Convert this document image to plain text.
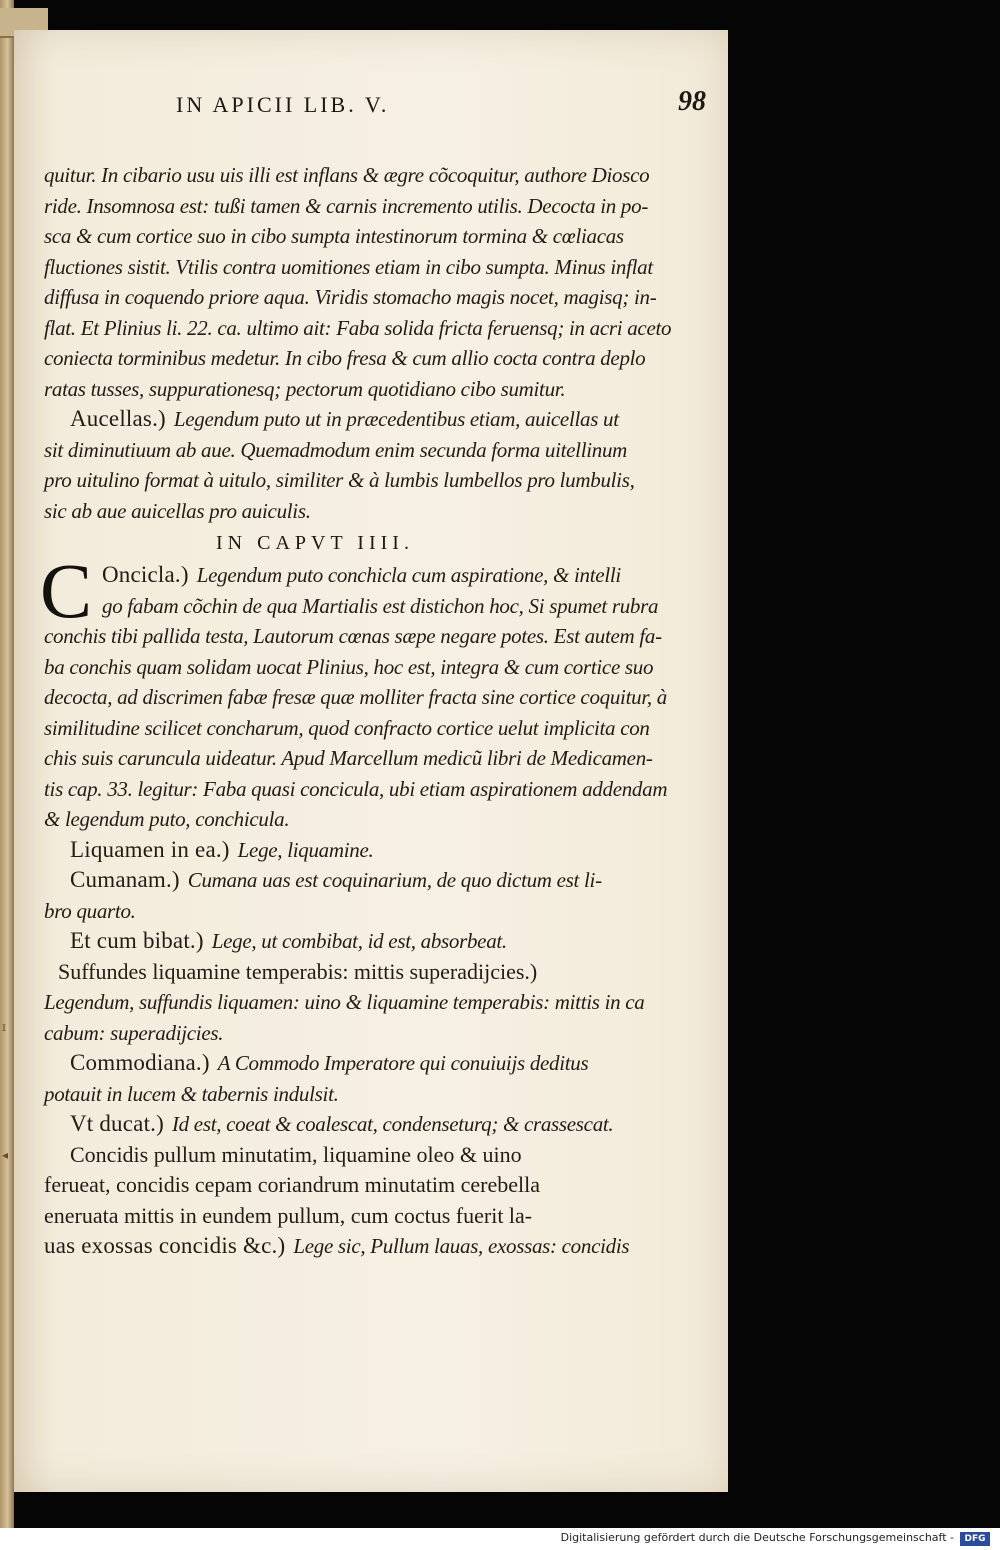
IN APICII LIB. V.	98
quitur. In cibario usu uis illi est inflans & ægre cõcoquitur, authore Diosco
ride. Insomnosa est: tußi tamen & carnis incremento utilis. Decocta in po-
sca & cum cortice suo in cibo sumpta intestinorum tormina & cœliacas
fluctiones sistit. Vtilis contra uomitiones etiam in cibo sumpta. Minus inflat
diffusa in coquendo priore aqua. Viridis stomacho magis nocet, magisq; in-
flat. Et Plinius li. 22. ca. ultimo ait: Faba solida fricta feruensq; in acri aceto
coniecta torminibus medetur. In cibo fresa & cum allio cocta contra deplo
ratas tusses, suppurationesq; pectorum quotidiano cibo sumitur.
Aucellas.) Legendum puto ut in præcedentibus etiam, auicellas ut
sit diminutiuum ab aue. Quemadmodum enim secunda forma uitellinum
pro uitulino format à uitulo, similiter & à lumbis lumbellos pro lumbulis,
sic ab aue auicellas pro auiculis.
IN CAPVT IIII.
C Oncicla.) Legendum puto conchicla cum aspiratione, & intelli
go fabam cõchin de qua Martialis est distichon hoc, Si spumet rubra
conchis tibi pallida testa, Lautorum cœnas sæpe negare potes. Est autem fa-
ba conchis quam solidam uocat Plinius, hoc est, integra & cum cortice suo
decocta, ad discrimen fabæ fresæ quæ molliter fracta sine cortice coquitur, à
similitudine scilicet concharum, quod confracto cortice uelut implicita con
chis suis caruncula uideatur. Apud Marcellum medicũ libri de Medicamen-
tis cap. 33. legitur: Faba quasi conciculа, ubi etiam aspirationem addendam
& legendum puto, conchicula.
Liquamen in ea.) Lege, liquamine.
Cumanam.) Cumana uas est coquinarium, de quo dictum est li-
bro quarto.
Et cum bibat.) Lege, ut combibat, id est, absorbeat.
Suffundes liquamine temperabis: mittis superadijcies.)
Legendum, suffundis liquamen: uino & liquamine temperabis: mittis in ca
cabum: superadijcies.
Commodiana.) A Commodo Imperatore qui conuiuijs deditus
potauit in lucem & tabernis indulsit.
Vt ducat.) Id est, coeat & coalescat, condenseturq; & crassescat.
Concidis pullum minutatim, liquamine oleo & uino
ferueat, concidis cepam coriandrum minutatim cerebella
eneruata mittis in eundem pullum, cum coctus fuerit la-
uas exossas concidis &c.) Lege sic, Pullum lauas, exossas: concidis
ɪ
◂
Digitalisierung gefördert durch die Deutsche Forschungsgemeinschaft -	DFG
